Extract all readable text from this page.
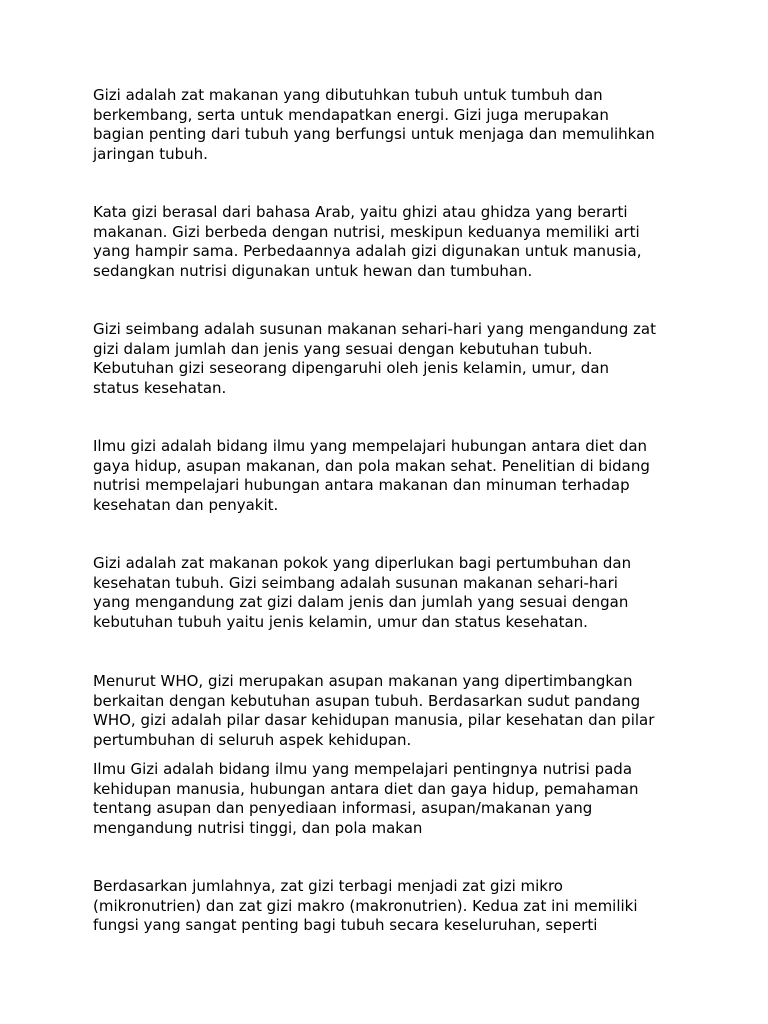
Gizi adalah zat makanan yang dibutuhkan tubuh untuk tumbuh dan
berkembang, serta untuk mendapatkan energi. Gizi juga merupakan
bagian penting dari tubuh yang berfungsi untuk menjaga dan memulihkan
jaringan tubuh.

Kata gizi berasal dari bahasa Arab, yaitu ghizi atau ghidza yang berarti
makanan. Gizi berbeda dengan nutrisi, meskipun keduanya memiliki arti
yang hampir sama. Perbedaannya adalah gizi digunakan untuk manusia,
sedangkan nutrisi digunakan untuk hewan dan tumbuhan.

Gizi seimbang adalah susunan makanan sehari-hari yang mengandung zat
gizi dalam jumlah dan jenis yang sesuai dengan kebutuhan tubuh.
Kebutuhan gizi seseorang dipengaruhi oleh jenis kelamin, umur, dan
status kesehatan.

Ilmu gizi adalah bidang ilmu yang mempelajari hubungan antara diet dan
gaya hidup, asupan makanan, dan pola makan sehat. Penelitian di bidang
nutrisi mempelajari hubungan antara makanan dan minuman terhadap
kesehatan dan penyakit.

Gizi adalah zat makanan pokok yang diperlukan bagi pertumbuhan dan
kesehatan tubuh. Gizi seimbang adalah susunan makanan sehari-hari
yang mengandung zat gizi dalam jenis dan jumlah yang sesuai dengan
kebutuhan tubuh yaitu jenis kelamin, umur dan status kesehatan.

Menurut WHO, gizi merupakan asupan makanan yang dipertimbangkan
berkaitan dengan kebutuhan asupan tubuh. Berdasarkan sudut pandang
WHO, gizi adalah pilar dasar kehidupan manusia, pilar kesehatan dan pilar
pertumbuhan di seluruh aspek kehidupan.

Ilmu Gizi adalah bidang ilmu yang mempelajari pentingnya nutrisi pada
kehidupan manusia, hubungan antara diet dan gaya hidup, pemahaman
tentang asupan dan penyediaan informasi, asupan/makanan yang
mengandung nutrisi tinggi, dan pola makan

Berdasarkan jumlahnya, zat gizi terbagi menjadi zat gizi mikro
(mikronutrien) dan zat gizi makro (makronutrien). Kedua zat ini memiliki
fungsi yang sangat penting bagi tubuh secara keseluruhan, seperti
